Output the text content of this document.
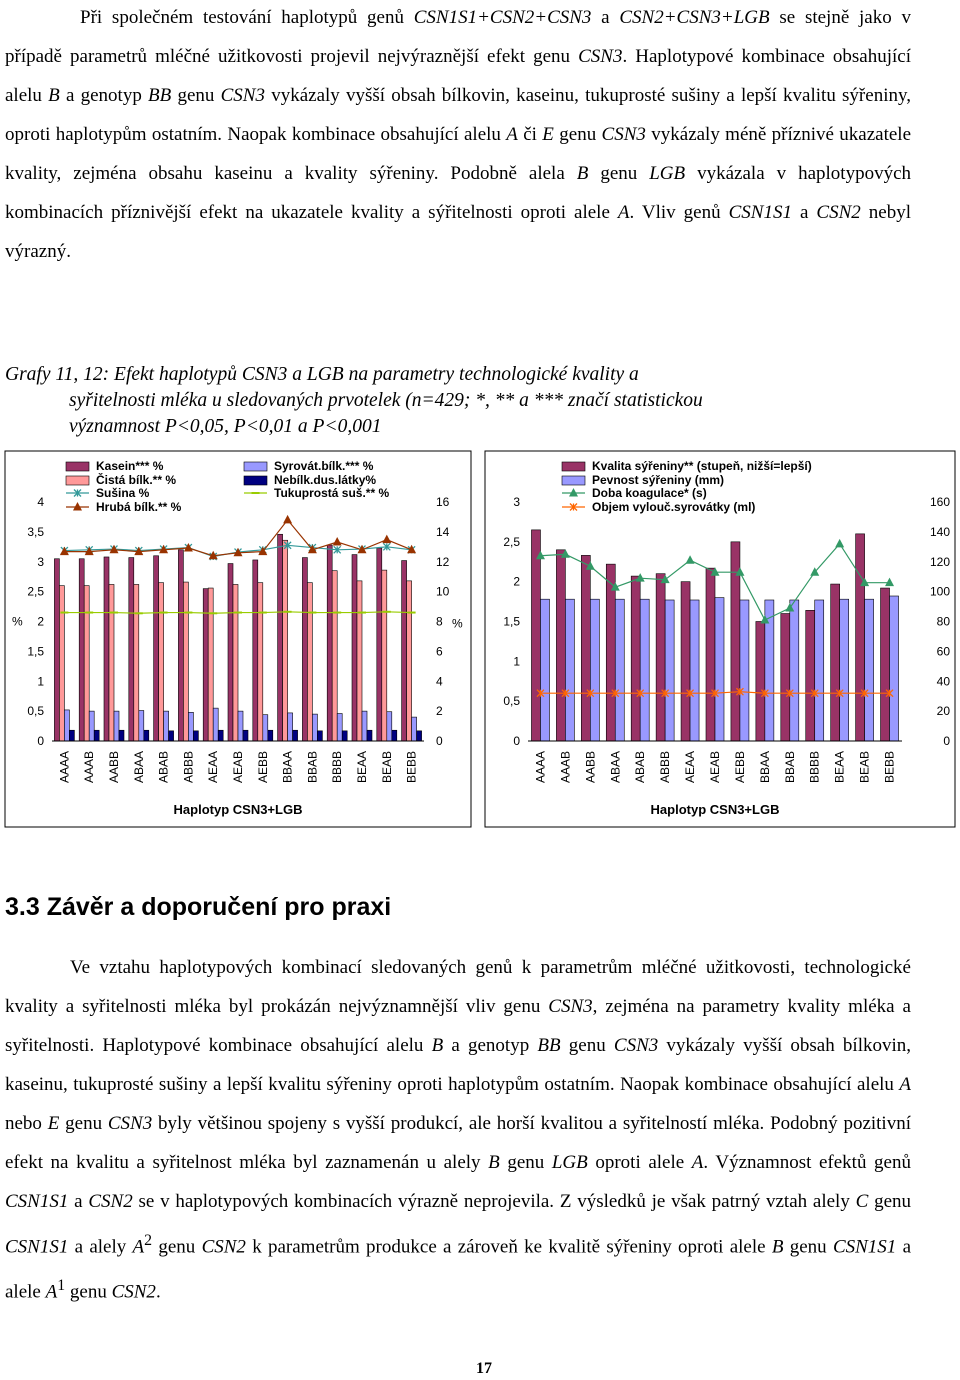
Při společném testování haplotypů genů CSN1S1+CSN2+CSN3 a CSN2+CSN3+LGB se stejně jako v případě parametrů mléčné užitkovosti projevil nejvýraznější efekt genu CSN3. Haplotypové kombinace obsahující alelu B a genotyp BB genu CSN3 vykázaly vyšší obsah bílkovin, kaseinu, tukuprosté sušiny a lepší kvalitu sýřeniny, oproti haplotypům ostatním. Naopak kombinace obsahující alelu A či E genu CSN3 vykázaly méně příznivé ukazatele kvality, zejména obsahu kaseinu a kvality sýřeniny. Podobně alela B genu LGB vykázala v haplotypových kombinacích příznivější efekt na ukazatele kvality a sýřitelnosti oproti alele A. Vliv genů CSN1S1 a CSN2 nebyl výrazný.

Grafy 11, 12: Efekt haplotypů CSN3 a LGB na parametry technologické kvality a
syřitelnosti mléka u sledovaných prvotelek (n=429; *, ** a *** značí statistickou
významnost P<0,05, P<0,01 a P<0,001

0
0,5
1
1,5
2
2,5
3
3,5
4
0
2
4
6
8
10
12
14
16
%	%
AAAA AAAB AABB ABAA ABAB ABBB AEAA AEAB AEBB BBAA BBAB BBBB BEAA BEAB BEBB
Haplotyp CSN3+LGB
Kasein*** %
Čistá bílk.** %
Syrovát.bílk.*** %
Nebílk.dus.látky%
Sušina %	Tukuprostá suš.** %
Hrubá bílk.** %
0
0,5
1
1,5
2
2,5
3
0
20
40
60
80
100
120
140
160
AAAA AAAB AABB ABAA ABAB ABBB AEAA AEAB AEBB BBAA BBAB BBBB BEAA BEAB BEBB
Haplotyp CSN3+LGB
Kvalita sýřeniny** (stupeň, nižší=lepší)
Pevnost sýřeniny (mm)
Doba koagulace* (s)
Objem vylouč.syrovátky (ml)
3.3 Závěr a doporučení pro praxi

Ve vztahu haplotypových kombinací sledovaných genů k parametrům mléčné užitkovosti, technologické kvality a syřitelnosti mléka byl prokázán nejvýznamnější vliv genu CSN3, zejména na parametry kvality mléka a syřitelnosti. Haplotypové kombinace obsahující alelu B a genotyp BB genu CSN3 vykázaly vyšší obsah bílkovin, kaseinu, tukuprosté sušiny a lepší kvalitu sýřeniny oproti haplotypům ostatním. Naopak kombinace obsahující alelu A nebo E genu CSN3 byly většinou spojeny s vyšší produkcí, ale horší kvalitou a syřitelností mléka. Podobný pozitivní efekt na kvalitu a syřitelnost mléka byl zaznamenán u alely B genu LGB oproti alele A. Významnost efektů genů CSN1S1 a CSN2 se v haplotypových kombinacích výrazně neprojevila. Z výsledků je však patrný vztah alely C genu CSN1S1 a alely $A^2$ genu CSN2 k parametrům produkce a zároveň ke kvalitě sýřeniny oproti alele B genu CSN1S1 a alele $A^1$ genu CSN2.

17
